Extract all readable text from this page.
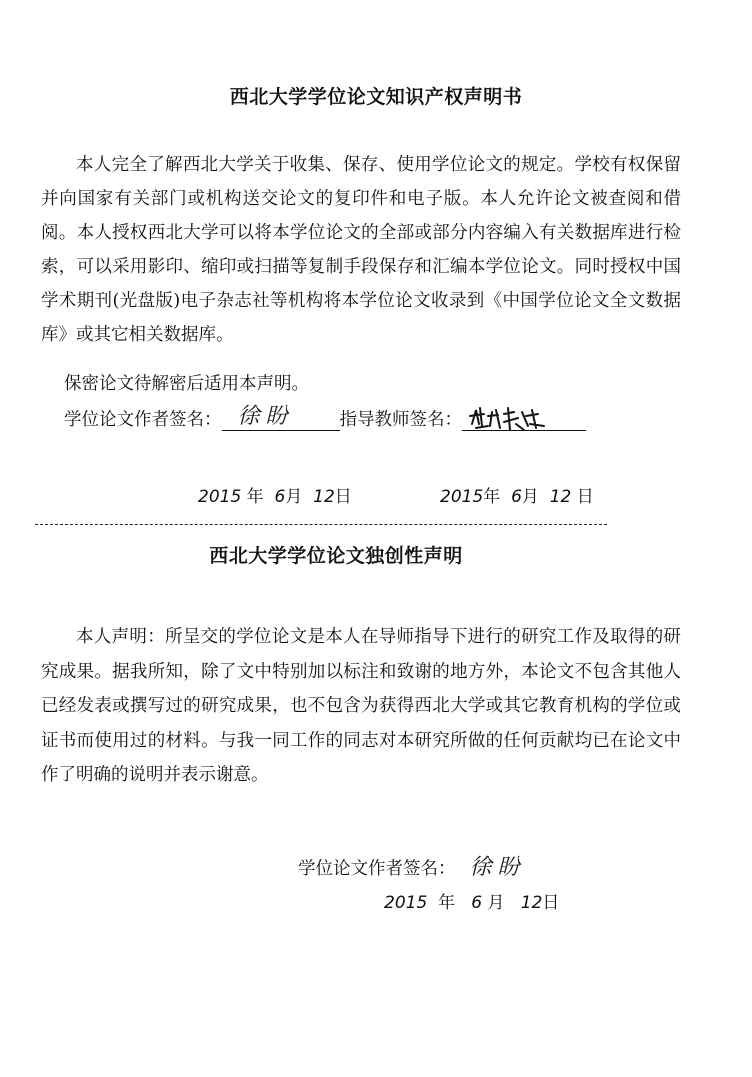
西北大学学位论文知识产权声明书
本人完全了解西北大学关于收集、保存、使用学位论文的规定。学校有权保留并向国家有关部门或机构送交论文的复印件和电子版。本人允许论文被查阅和借阅。本人授权西北大学可以将本学位论文的全部或部分内容编入有关数据库进行检索，可以采用影印、缩印或扫描等复制手段保存和汇编本学位论文。同时授权中国学术期刊(光盘版)电子杂志社等机构将本学位论文收录到《中国学位论文全文数据库》或其它相关数据库。
保密论文待解密后适用本声明。
学位论文作者签名： 徐盼	指导教师签名：
2015 年 6月 12日	2015年 6月 12 日
西北大学学位论文独创性声明
本人声明：所呈交的学位论文是本人在导师指导下进行的研究工作及取得的研究成果。据我所知，除了文中特别加以标注和致谢的地方外，本论文不包含其他人已经发表或撰写过的研究成果，也不包含为获得西北大学或其它教育机构的学位或证书而使用过的材料。与我一同工作的同志对本研究所做的任何贡献均已在论文中作了明确的说明并表示谢意。
学位论文作者签名： 徐盼
2015 年 6 月 12日
